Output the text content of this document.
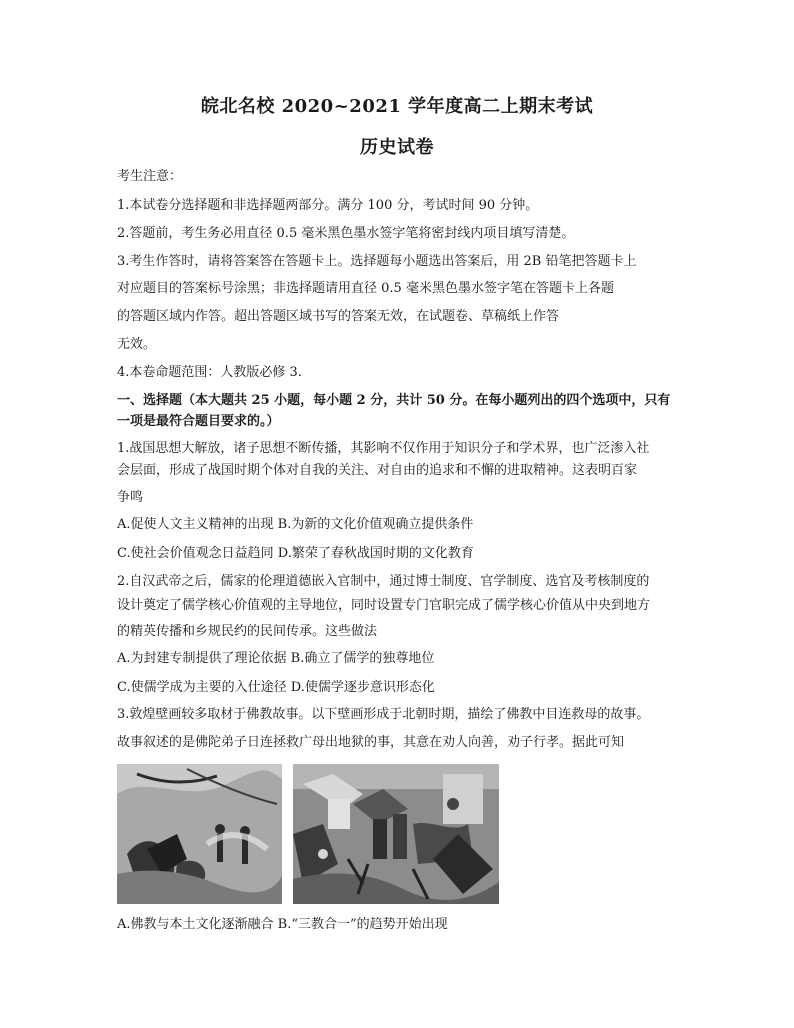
皖北名校 2020~2021 学年度高二上期末考试
历史试卷
考生注意：
1.本试卷分选择题和非选择题两部分。满分 100 分，考试时间 90 分钟。
2.答题前，考生务必用直径 0.5 毫米黑色墨水签字笔将密封线内项目填写清楚。
3.考生作答时，请将答案答在答题卡上。选择题每小题选出答案后，用 2B 铅笔把答题卡上
对应题目的答案标号涂黑；非选择题请用直径 0.5 毫米黑色墨水签字笔在答题卡上各题
的答题区域内作答。超出答题区域书写的答案无效，在试题卷、草稿纸上作答
无效。
4.本卷命题范围：人教版必修 3.
一、选择题（本大题共 25 小题，每小题 2 分，共计 50 分。在每小题列出的四个选项中，只有
一项是最符合题目要求的。）
1.战国思想大解放，诸子思想不断传播，其影响不仅作用于知识分子和学术界，也广泛渗入社
会层面，形成了战国时期个体对自我的关注、对自由的追求和不懈的进取精神。这表明百家
争鸣
A.促使人文主义精神的出现 B.为新的文化价值观确立提供条件
C.使社会价值观念日益趋同 D.繁荣了春秋战国时期的文化教育
2.自汉武帝之后，儒家的伦理道德嵌入官制中，通过博士制度、官学制度、选官及考核制度的
设计奠定了儒学核心价值观的主导地位，同时设置专门官职完成了儒学核心价值从中央到地方
的精英传播和乡规民约的民间传承。这些做法
A.为封建专制提供了理论依据 B.确立了儒学的独尊地位
C.使儒学成为主要的入仕途径 D.使儒学逐步意识形态化
3.敦煌壁画较多取材于佛教故事。以下壁画形成于北朝时期，描绘了佛教中目连救母的故事。
故事叙述的是佛陀弟子日连拯救广母出地狱的事，其意在劝人向善，劝子行孝。据此可知
A.佛教与本土文化逐渐融合 B.“三教合一”的趋势开始出现
